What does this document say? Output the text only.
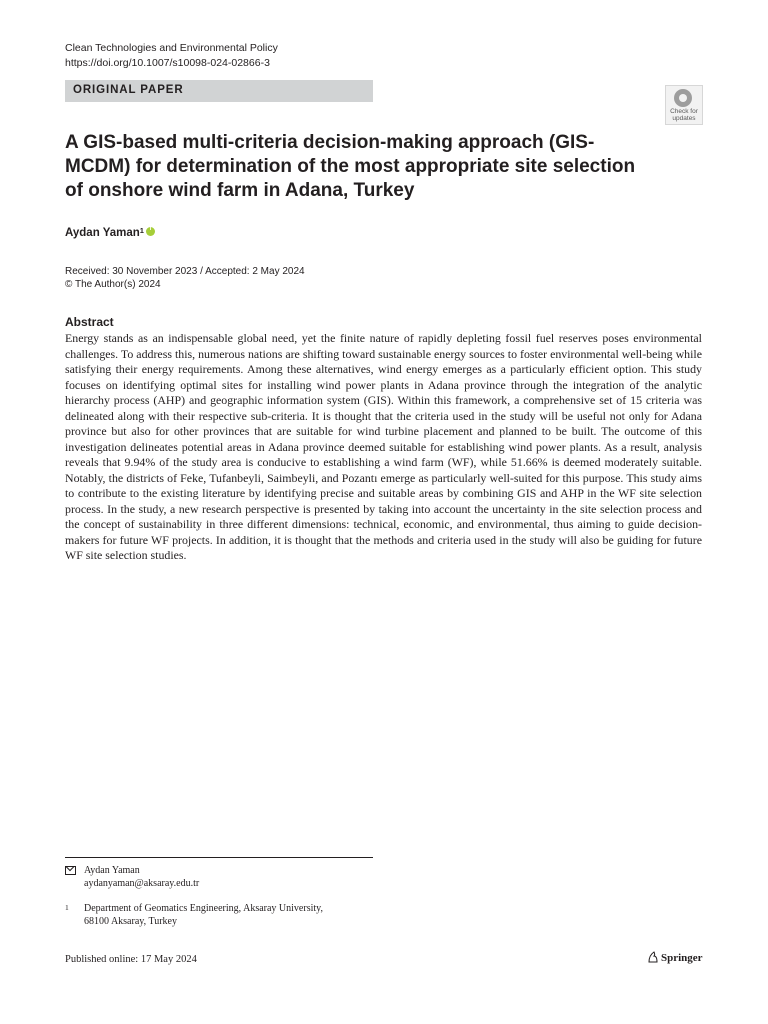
Clean Technologies and Environmental Policy
https://doi.org/10.1007/s10098-024-02866-3
ORIGINAL PAPER
Check for
updates
A GIS-based multi-criteria decision-making approach (GIS-MCDM) for determination of the most appropriate site selection of onshore wind farm in Adana, Turkey
Aydan Yaman$^1$i
Received: 30 November 2023 / Accepted: 2 May 2024
© The Author(s) 2024
Abstract

Energy stands as an indispensable global need, yet the finite nature of rapidly depleting fossil fuel reserves poses environmental challenges. To address this, numerous nations are shifting toward sustainable energy sources to foster environmental well-being while satisfying their energy requirements. Among these alternatives, wind energy emerges as a particularly efficient option. This study focuses on identifying optimal sites for installing wind power plants in Adana province through the integration of the analytic hierarchy process (AHP) and geographic information system (GIS). Within this framework, a comprehensive set of 15 criteria was delineated along with their respective sub-criteria. It is thought that the criteria used in the study will be useful not only for Adana province but also for other provinces that are suitable for wind turbine placement and planned to be built. The outcome of this investigation delineates potential areas in Adana province deemed suitable for establishing wind power plants. As a result, analysis reveals that 9.94% of the study area is conducive to establishing a wind farm (WF), while 51.66% is deemed moderately suitable. Notably, the districts of Feke, Tufanbeyli, Saimbeyli, and Pozantı emerge as particularly well-suited for this purpose. This study aims to contribute to the existing literature by identifying precise and suitable areas by combining GIS and AHP in the WF site selection process. In the study, a new research perspective is presented by taking into account the uncertainty in the site selection process and the concept of sustainability in three different dimensions: technical, economic, and environmental, thus aiming to guide decision-makers for future WF projects. In addition, it is thought that the methods and criteria used in the study will also be guiding for future WF site selection studies.

Aydan Yaman
aydanyaman@aksaray.edu.tr
1 Department of Geomatics Engineering, Aksaray University,
68100 Aksaray, Turkey
Published online: 17 May 2024	Springer
